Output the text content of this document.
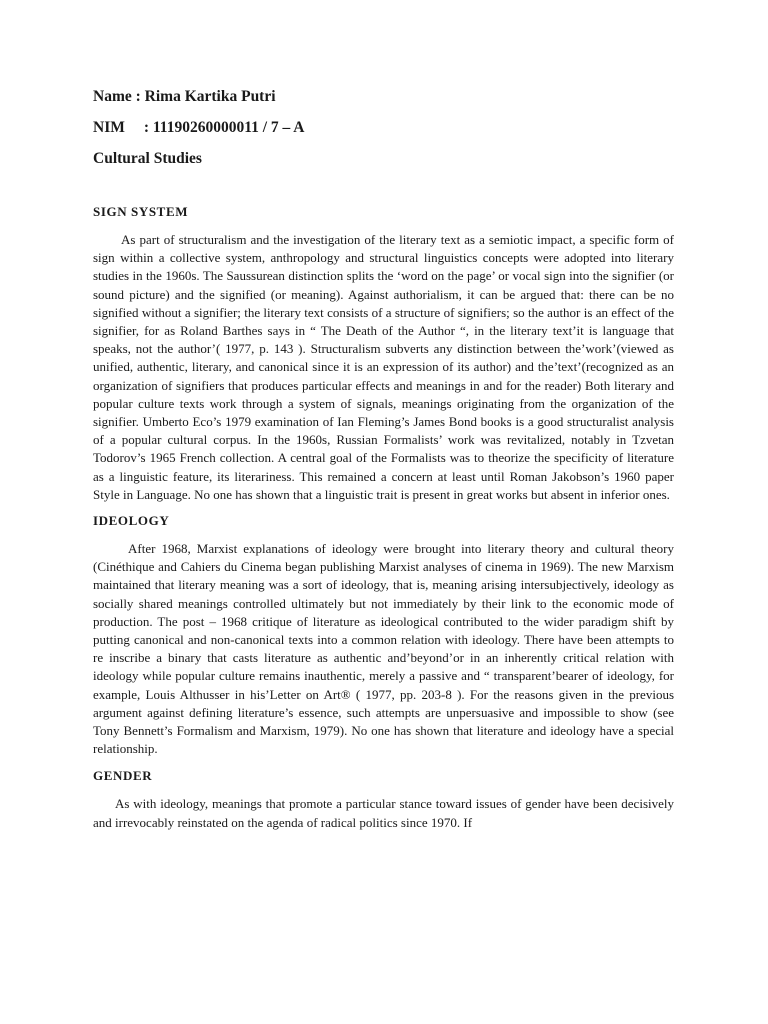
Name : Rima Kartika Putri
NIM : 11190260000011 / 7 – A
Cultural Studies
SIGN SYSTEM

As part of structuralism and the investigation of the literary text as a semiotic impact, a specific form of sign within a collective system, anthropology and structural linguistics concepts were adopted into literary studies in the 1960s. The Saussurean distinction splits the ‘word on the page’ or vocal sign into the signifier (or sound picture) and the signified (or meaning). Against authorialism, it can be argued that: there can be no signified without a signifier; the literary text consists of a structure of signifiers; so the author is an effect of the signifier, for as Roland Barthes says in “ The Death of the Author “, in the literary text’it is language that speaks, not the author’( 1977, p. 143 ). Structuralism subverts any distinction between the’work’(viewed as unified, authentic, literary, and canonical since it is an expression of its author) and the’text’(recognized as an organization of signifiers that produces particular effects and meanings in and for the reader) Both literary and popular culture texts work through a system of signals, meanings originating from the organization of the signifier. Umberto Eco’s 1979 examination of Ian Fleming’s James Bond books is a good structuralist analysis of a popular cultural corpus. In the 1960s, Russian Formalists’ work was revitalized, notably in Tzvetan Todorov’s 1965 French collection. A central goal of the Formalists was to theorize the specificity of literature as a linguistic feature, its literariness. This remained a concern at least until Roman Jakobson’s 1960 paper Style in Language. No one has shown that a linguistic trait is present in great works but absent in inferior ones.

IDEOLOGY

After 1968, Marxist explanations of ideology were brought into literary theory and cultural theory (Cinéthique and Cahiers du Cinema began publishing Marxist analyses of cinema in 1969). The new Marxism maintained that literary meaning was a sort of ideology, that is, meaning arising intersubjectively, ideology as socially shared meanings controlled ultimately but not immediately by their link to the economic mode of production. The post – 1968 critique of literature as ideological contributed to the wider paradigm shift by putting canonical and non-canonical texts into a common relation with ideology. There have been attempts to re inscribe a binary that casts literature as authentic and’beyond’or in an inherently critical relation with ideology while popular culture remains inauthentic, merely a passive and “ transparent’bearer of ideology, for example, Louis Althusser in his’Letter on Art® ( 1977, pp. 203-8 ). For the reasons given in the previous argument against defining literature’s essence, such attempts are unpersuasive and impossible to show (see Tony Bennett’s Formalism and Marxism, 1979). No one has shown that literature and ideology have a special relationship.

GENDER

As with ideology, meanings that promote a particular stance toward issues of gender have been decisively and irrevocably reinstated on the agenda of radical politics since 1970. If
